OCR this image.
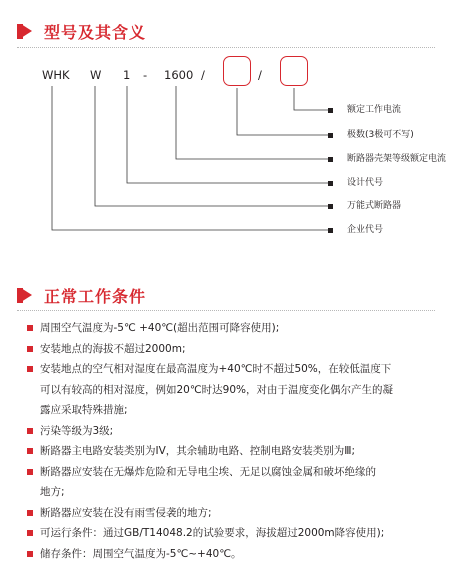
型号及其含义
WHK W 1 - 1600 /	/
额定工作电流
极数(3极可不写)
断路器壳架等级额定电流
设计代号
万能式断路器
企业代号
正常工作条件
周围空气温度为-5℃ +40℃(超出范围可降容使用);
安装地点的海拔不超过2000m;
安装地点的空气相对湿度在最高温度为+40℃时不超过50%，在较低温度下
可以有较高的相对湿度，例如20℃时达90%，对由于温度变化偶尔产生的凝
露应采取特殊措施;
污染等级为3级;
断路器主电路安装类别为IV，其余辅助电路、控制电路安装类别为Ⅲ;
断路器应安装在无爆炸危险和无导电尘埃、无足以腐蚀金属和破坏绝缘的
地方;
断路器应安装在没有雨雪侵袭的地方;
可运行条件：通过GB/T14048.2的试验要求，海拔超过2000m降容使用);
储存条件：周围空气温度为-5℃~+40℃。
